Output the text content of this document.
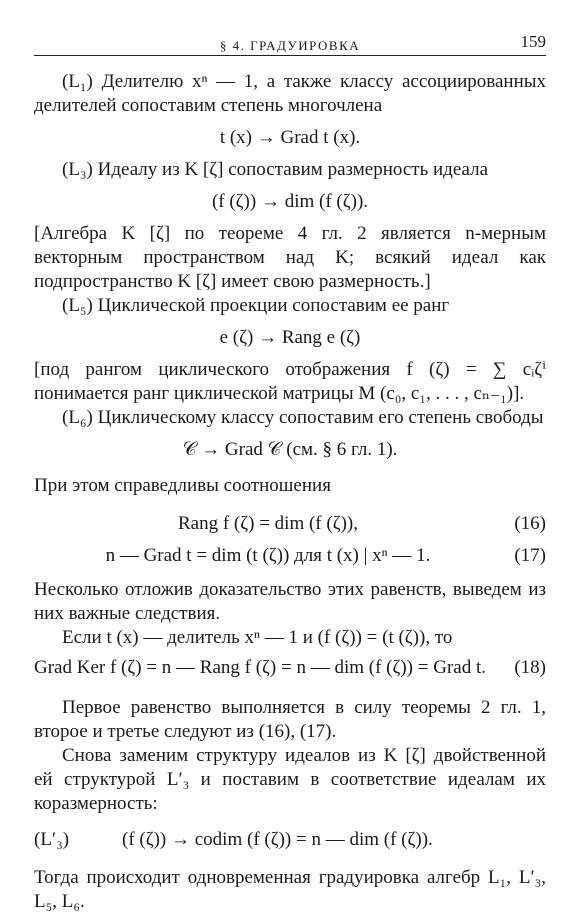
§ 4. ГРАДУИРОВКА	159

(L₁) Делителю xⁿ — 1, а также классу ассоциированных делителей сопоставим степень многочлена

t (x) → Grad t (x).

(L₃) Идеалу из K [ζ] сопоставим размерность идеала

(f (ζ)) → dim (f (ζ)).

[Алгебра K [ζ] по теореме 4 гл. 2 является n-мерным векторным пространством над K; всякий идеал как подпространство K [ζ] имеет свою размерность.]

(L₅) Циклической проекции сопоставим ее ранг

e (ζ) → Rang e (ζ)

[под рангом циклического отображения f (ζ) = ∑ cᵢζⁱ понимается ранг циклической матрицы M (c₀, c₁, . . . , cₙ₋₁)].

(L₆) Циклическому классу сопоставим его степень свободы

𝒞 → Grad 𝒞 (см. § 6 гл. 1).

При этом справедливы соотношения

Rang f (ζ) = dim (f (ζ)),	(16)
n — Grad t = dim (t (ζ)) для t (x) | xⁿ — 1.	(17)

Несколько отложив доказательство этих равенств, выведем из них важные следствия.

Если t (x) — делитель xⁿ — 1 и (f (ζ)) = (t (ζ)), то

Grad Ker f (ζ) = n — Rang f (ζ) = n — dim (f (ζ)) = Grad t.	(18)

Первое равенство выполняется в силу теоремы 2 гл. 1, второе и третье следуют из (16), (17).

Снова заменим структуру идеалов из K [ζ] двойственной ей структурой L′₃ и поставим в соответствие идеалам их коразмерность:

(L′₃)	(f (ζ)) → codim (f (ζ)) = n — dim (f (ζ)).

Тогда происходит одновременная градуировка алгебр L₁, L′₃, L₅, L₆.
